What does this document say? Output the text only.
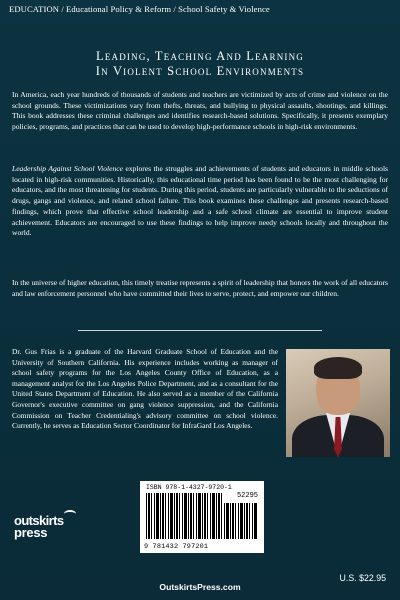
EDUCATION / Educational Policy & Reform / School Safety & Violence
Leading, Teaching And Learning
In Violent School Environments
In America, each year hundreds of thousands of students and teachers are victimized by acts of crime and violence on the school grounds. These victimizations vary from thefts, threats, and bullying to physical assaults, shootings, and killings. This book addresses these criminal challenges and identifies research-based solutions. Specifically, it presents exemplary policies, programs, and practices that can be used to develop high-performance schools in high-risk environments.
Leadership Against School Violence explores the struggles and achievements of students and educators in middle schools located in high-risk communities. Historically, this educational time period has been found to be the most challenging for educators, and the most threatening for students. During this period, students are particularly vulnerable to the seductions of drugs, gangs and violence, and related school failure. This book examines these challenges and presents research-based findings, which prove that effective school leadership and a safe school climate are essential to improve student achievement. Educators are encouraged to use these findings to help improve needy schools locally and throughout the world.
In the universe of higher education, this timely treatise represents a spirit of leadership that honors the work of all educators and law enforcement personnel who have committed their lives to serve, protect, and empower our children.
Dr. Gus Frias is a graduate of the Harvard Graduate School of Education and the University of Southern California. His experience includes working as manager of school safety programs for the Los Angeles County Office of Education, as a management analyst for the Los Angeles Police Department, and as a consultant for the United States Department of Education. He also served as a member of the California Governor's executive committee on gang violence suppression, and the California Commission on Teacher Credentialing's advisory committee on school violence. Currently, he serves as Education Sector Coordinator for InfraGard Los Angeles.
outskirts
press
ISBN 978-1-4327-9720-1
52295
9 781432 797201
U.S. $22.95
OutskirtsPress.com
